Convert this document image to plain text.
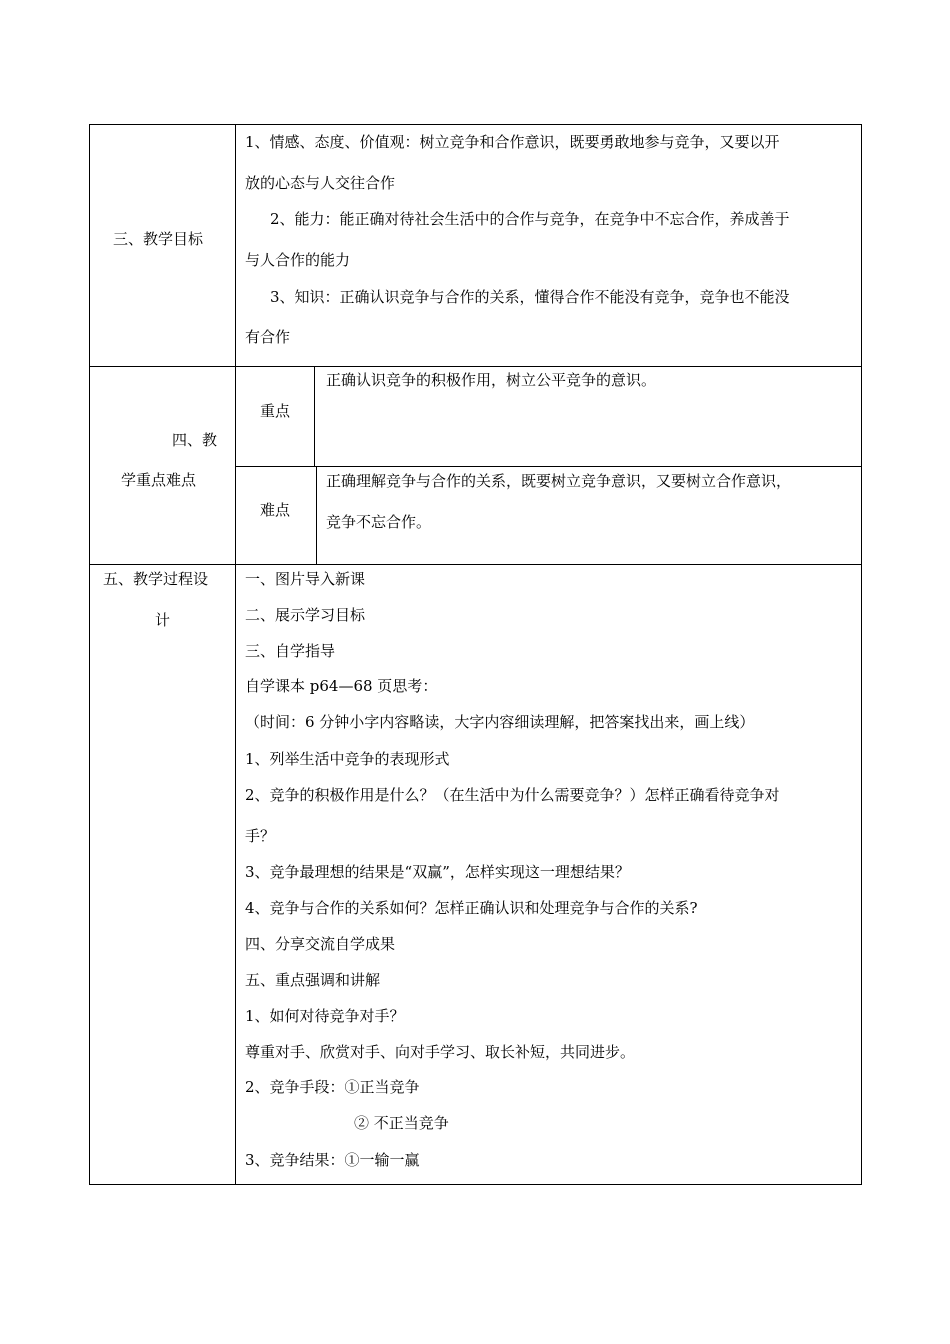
三、教学目标
1、情感、态度、价值观：树立竞争和合作意识，既要勇敢地参与竞争，又要以开
放的心态与人交往合作
2、能力：能正确对待社会生活中的合作与竞争，在竞争中不忘合作，养成善于
与人合作的能力
3、知识：正确认识竞争与合作的关系，懂得合作不能没有竞争，竞争也不能没
有合作
四、教
学重点难点
重点
正确认识竞争的积极作用，树立公平竞争的意识。
难点
正确理解竞争与合作的关系，既要树立竞争意识，又要树立合作意识，
竞争不忘合作。
五、教学过程设
计
一、图片导入新课
二、展示学习目标
三、自学指导
自学课本 p64—68 页思考：
（时间：6 分钟小字内容略读，大字内容细读理解，把答案找出来，画上线）
1、列举生活中竞争的表现形式
2、竞争的积极作用是什么？（在生活中为什么需要竞争？）怎样正确看待竞争对
手？
3、竞争最理想的结果是“双赢”，怎样实现这一理想结果？
4、竞争与合作的关系如何？怎样正确认识和处理竞争与合作的关系?
四、分享交流自学成果
五、重点强调和讲解
1、如何对待竞争对手？
尊重对手、欣赏对手、向对手学习、取长补短，共同进步。
2、竞争手段：①正当竞争
② 不正当竞争
3、竞争结果：①一输一赢
